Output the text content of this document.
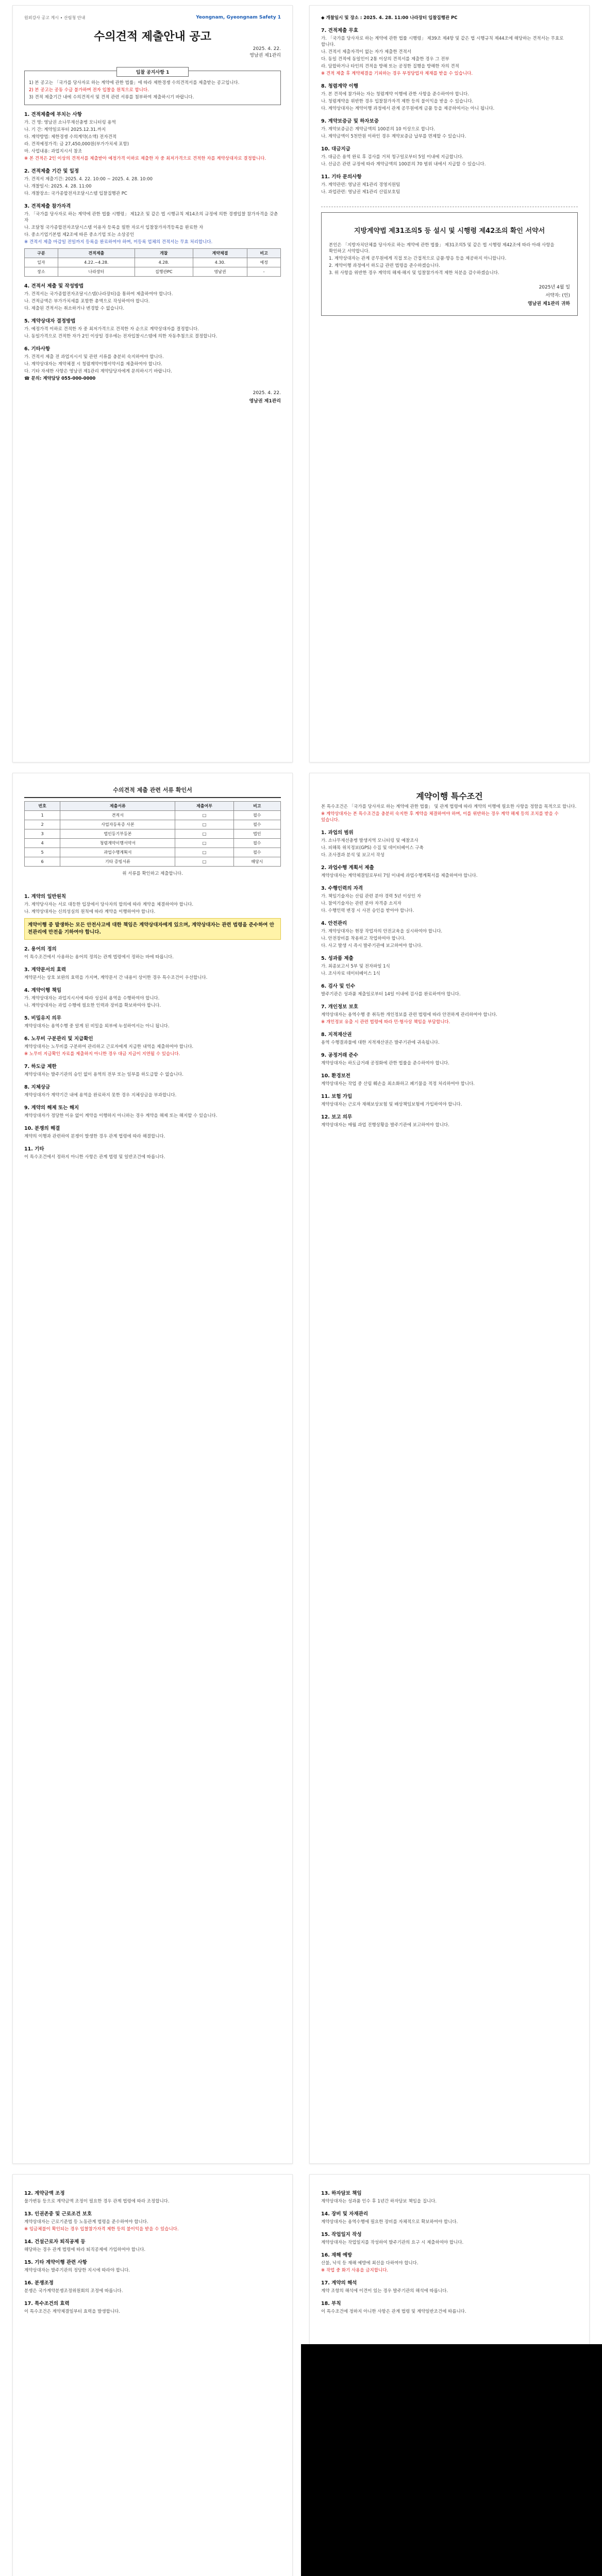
원외강사 공고 게시 ∙ 산림청 안내	Yeongnam, Gyeongnam Safety 1
수의견적 제출안내 공고
2025. 4. 22.
영남권 제1관리
입찰 공지사항 1
1) 본 공고는 「국가를 당사자로 하는 계약에 관한 법률」에 따라 제한경쟁 수의견적서를 제출받는 공고입니다.
2) 본 공고는 공동 수급 불가하며 전자 입찰을 원칙으로 합니다.
3) 견적 제출기간 내에 수의견적서 및 견적 관련 서류를 첨부하여 제출하시기 바랍니다.
1. 견적제출에 부치는 사항
가. 건 명: 영남권 소나무재선충병 모니터링 용역
나. 기 간: 계약일로부터 2025.12.31.까지
다. 계약방법: 제한경쟁 수의계약(소액) 전자견적
라. 견적예정가격: 금 27,450,000원(부가가치세 포함)
마. 사업내용: 과업지시서 참조
※ 본 견적은 2인 이상의 견적서를 제출받아 예정가격 이하로 제출한 자 중 최저가격으로 견적한 자를 계약상대자로 결정합니다.
2. 견적제출 기간 및 일정
가. 견적서 제출기간: 2025. 4. 22. 10:00 ~ 2025. 4. 28. 10:00
나. 개찰일시: 2025. 4. 28. 11:00
다. 개찰장소: 국가종합전자조달시스템 입찰집행관 PC
3. 견적제출 참가자격
가. 「국가를 당사자로 하는 계약에 관한 법률 시행령」 제12조 및 같은 법 시행규칙 제14조의 규정에 의한 경쟁입찰 참가자격을 갖춘 자
나. 조달청 국가종합전자조달시스템 이용자 등록을 필한 자로서 입찰참가자격등록을 완료한 자
다. 중소기업기본법 제2조에 따른 중소기업 또는 소상공인
※ 견적서 제출 마감일 전일까지 등록을 완료하여야 하며, 미등록 업체의 견적서는 무효 처리합니다.
구분	견적제출	개찰	계약체결	비고
일자	4.22.~4.28.	4.28.	4.30.	예정
장소	나라장터	집행관PC	영남권	-
4. 견적서 제출 및 작성방법
가. 견적서는 국가종합전자조달시스템(나라장터)을 통하여 제출하여야 합니다.
나. 견적금액은 부가가치세를 포함한 총액으로 작성하여야 합니다.
다. 제출된 견적서는 취소하거나 변경할 수 없습니다.
5. 계약상대자 결정방법
가. 예정가격 이하로 견적한 자 중 최저가격으로 견적한 자 순으로 계약상대자를 결정합니다.
나. 동일가격으로 견적한 자가 2인 이상일 경우에는 전자입찰시스템에 의한 자동추첨으로 결정합니다.
6. 기타사항
가. 견적서 제출 전 과업지시서 및 관련 서류를 충분히 숙지하여야 합니다.
나. 계약상대자는 계약체결 시 청렴계약이행서약서를 제출하여야 합니다.
다. 기타 자세한 사항은 영남권 제1관리 계약담당자에게 문의하시기 바랍니다.
☎ 문의: 계약담당 055-000-0000
2025. 4. 22.
영남권 제1관리
◆ 개찰일시 및 장소 : 2025. 4. 28. 11:00 나라장터 입찰집행관 PC
7. 견적제출 무효
가. 「국가를 당사자로 하는 계약에 관한 법률 시행령」 제39조 제4항 및 같은 법 시행규칙 제44조에 해당하는 견적서는 무효로 합니다.
나. 견적서 제출자격이 없는 자가 제출한 견적서
다. 동일 견적에 동일인이 2통 이상의 견적서를 제출한 경우 그 전부
라. 담합하거나 타인의 견적을 방해 또는 공정한 집행을 방해한 자의 견적
※ 견적 제출 후 계약체결을 기피하는 경우 부정당업자 제재를 받을 수 있습니다.
8. 청렴계약 이행
가. 본 견적에 참가하는 자는 청렴계약 이행에 관한 사항을 준수하여야 합니다.
나. 청렴계약을 위반한 경우 입찰참가자격 제한 등의 불이익을 받을 수 있습니다.
다. 계약상대자는 계약이행 과정에서 관계 공무원에게 금품 등을 제공하여서는 아니 됩니다.
9. 계약보증금 및 하자보증
가. 계약보증금은 계약금액의 100분의 10 이상으로 합니다.
나. 계약금액이 5천만원 이하인 경우 계약보증금 납부를 면제할 수 있습니다.
10. 대금지급
가. 대금은 용역 완료 후 검사를 거쳐 청구일로부터 5일 이내에 지급합니다.
나. 선금은 관련 규정에 따라 계약금액의 100분의 70 범위 내에서 지급할 수 있습니다.
11. 기타 문의사항
가. 계약관련: 영남권 제1관리 경영지원팀
나. 과업관련: 영남권 제1관리 산림보호팀
지방계약법 제31조의5 등 설시 및 시행령 제42조의 확인 서약서
본인은 「지방자치단체를 당사자로 하는 계약에 관한 법률」 제31조의5 및 같은 법 시행령 제42조에 따라 아래 사항을 확인하고 서약합니다.
1. 계약상대자는 관계 공무원에게 직접 또는 간접적으로 금품·향응 등을 제공하지 아니합니다.
2. 계약이행 과정에서 하도급 관련 법령을 준수하겠습니다.
3. 위 사항을 위반한 경우 계약의 해제·해지 및 입찰참가자격 제한 처분을 감수하겠습니다.
2025년 4월 일
서약자: (인)
영남권 제1관리 귀하
수의견적 제출 관련 서류 확인서
번호	제출서류	제출여부	비고
1	견적서	□	필수
2	사업자등록증 사본	□	필수
3	법인등기부등본	□	법인
4	청렴계약이행서약서	□	필수
5	과업수행계획서	□	필수
6	기타 증빙서류	□	해당시
위 서류를 확인하고 제출합니다.
1. 계약의 일반원칙
가. 계약당사자는 서로 대등한 입장에서 당사자의 합의에 따라 계약을 체결하여야 합니다.
나. 계약상대자는 신의성실의 원칙에 따라 계약을 이행하여야 합니다.
계약이행 중 발생하는 모든 안전사고에 대한 책임은 계약상대자에게 있으며, 계약상대자는 관련 법령을 준수하여 안전관리에 만전을 기하여야 합니다.
2. 용어의 정의
이 특수조건에서 사용하는 용어의 정의는 관계 법령에서 정하는 바에 따릅니다.
3. 계약문서의 효력
계약문서는 상호 보완의 효력을 가지며, 계약문서 간 내용이 상이한 경우 특수조건이 우선합니다.
4. 계약이행 책임
가. 계약상대자는 과업지시서에 따라 성실히 용역을 수행하여야 합니다.
나. 계약상대자는 과업 수행에 필요한 인력과 장비를 확보하여야 합니다.
5. 비밀유지 의무
계약상대자는 용역수행 중 알게 된 비밀을 외부에 누설하여서는 아니 됩니다.
6. 노무비 구분관리 및 지급확인
계약상대자는 노무비를 구분하여 관리하고 근로자에게 지급한 내역을 제출하여야 합니다.
※ 노무비 지급확인 자료를 제출하지 아니한 경우 대금 지급이 지연될 수 있습니다.
7. 하도급 제한
계약상대자는 발주기관의 승인 없이 용역의 전부 또는 일부를 하도급할 수 없습니다.
8. 지체상금
계약상대자가 계약기간 내에 용역을 완료하지 못한 경우 지체상금을 부과합니다.
9. 계약의 해제 또는 해지
계약상대자가 정당한 이유 없이 계약을 이행하지 아니하는 경우 계약을 해제 또는 해지할 수 있습니다.
10. 분쟁의 해결
계약의 이행과 관련하여 분쟁이 발생한 경우 관계 법령에 따라 해결합니다.
11. 기타
이 특수조건에서 정하지 아니한 사항은 관계 법령 및 일반조건에 따릅니다.
계약이행 특수조건
본 특수조건은 「국가를 당사자로 하는 계약에 관한 법률」 및 관계 법령에 따라 계약의 이행에 필요한 사항을 정함을 목적으로 합니다.
※ 계약상대자는 본 특수조건을 충분히 숙지한 후 계약을 체결하여야 하며, 이를 위반하는 경우 계약 해제 등의 조치를 받을 수 있습니다.
1. 과업의 범위
가. 소나무재선충병 발생지역 모니터링 및 예찰조사
나. 피해목 위치정보(GPS) 수집 및 데이터베이스 구축
다. 조사결과 분석 및 보고서 작성
2. 과업수행 계획서 제출
계약상대자는 계약체결일로부터 7일 이내에 과업수행계획서를 제출하여야 합니다.
3. 수행인력의 자격
가. 책임기술자는 산림 관련 분야 경력 5년 이상인 자
나. 참여기술자는 관련 분야 자격증 소지자
다. 수행인력 변경 시 사전 승인을 받아야 합니다.
4. 안전관리
가. 계약상대자는 현장 작업자의 안전교육을 실시하여야 합니다.
나. 안전장비를 착용하고 작업하여야 합니다.
다. 사고 발생 시 즉시 발주기관에 보고하여야 합니다.
5. 성과품 제출
가. 최종보고서 5부 및 전자파일 1식
나. 조사자료 데이터베이스 1식
6. 검사 및 인수
발주기관은 성과품 제출일로부터 14일 이내에 검사를 완료하여야 합니다.
7. 개인정보 보호
계약상대자는 용역수행 중 취득한 개인정보를 관련 법령에 따라 안전하게 관리하여야 합니다.
※ 개인정보 유출 시 관련 법령에 따라 민·형사상 책임을 부담합니다.
8. 지적재산권
용역 수행결과물에 대한 지적재산권은 발주기관에 귀속됩니다.
9. 공정거래 준수
계약상대자는 하도급거래 공정화에 관한 법률을 준수하여야 합니다.
10. 환경보전
계약상대자는 작업 중 산림 훼손을 최소화하고 폐기물을 적정 처리하여야 합니다.
11. 보험 가입
계약상대자는 근로자 재해보상보험 및 배상책임보험에 가입하여야 합니다.
12. 보고 의무
계약상대자는 매월 과업 진행상황을 발주기관에 보고하여야 합니다.
12. 계약금액 조정
물가변동 등으로 계약금액 조정이 필요한 경우 관계 법령에 따라 조정합니다.
13. 인권존중 및 근로조건 보호
계약상대자는 근로기준법 등 노동관계 법령을 준수하여야 합니다.
※ 임금체불이 확인되는 경우 입찰참가자격 제한 등의 불이익을 받을 수 있습니다.
14. 건설근로자 퇴직공제 등
해당하는 경우 관계 법령에 따라 퇴직공제에 가입하여야 합니다.
15. 기타 계약이행 관련 사항
계약상대자는 발주기관의 정당한 지시에 따라야 합니다.
16. 분쟁조정
분쟁은 국가계약분쟁조정위원회의 조정에 따릅니다.
17. 특수조건의 효력
이 특수조건은 계약체결일부터 효력을 발생합니다.
13. 하자담보 책임
계약상대자는 성과품 인수 후 1년간 하자담보 책임을 집니다.
14. 장비 및 자재관리
계약상대자는 용역수행에 필요한 장비를 자체적으로 확보하여야 합니다.
15. 작업일지 작성
계약상대자는 작업일지를 작성하여 발주기관의 요구 시 제출하여야 합니다.
16. 재해 예방
산불, 낙석 등 재해 예방에 최선을 다하여야 합니다.
※ 작업 중 화기 사용을 금지합니다.
17. 계약의 해석
계약 조항의 해석에 이견이 있는 경우 발주기관의 해석에 따릅니다.
18. 부칙
이 특수조건에 정하지 아니한 사항은 관계 법령 및 계약일반조건에 따릅니다.
